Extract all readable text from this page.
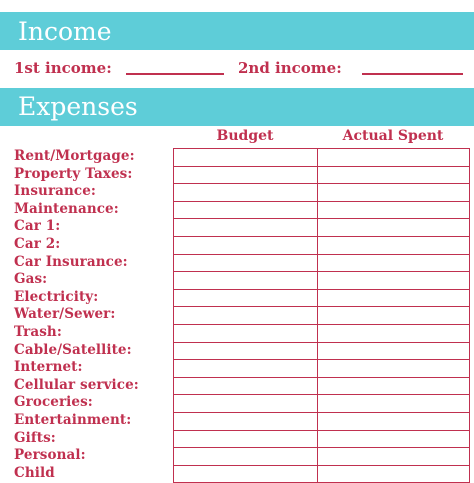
Income
1st income:	2nd income:
Expenses
Budget	Actual Spent
Rent/Mortgage:
Property Taxes:
Insurance:
Maintenance:
Car 1:
Car 2:
Car Insurance:
Gas:
Electricity:
Water/Sewer:
Trash:
Cable/Satellite:
Internet:
Cellular service:
Groceries:
Entertainment:
Gifts:
Personal:
Child
